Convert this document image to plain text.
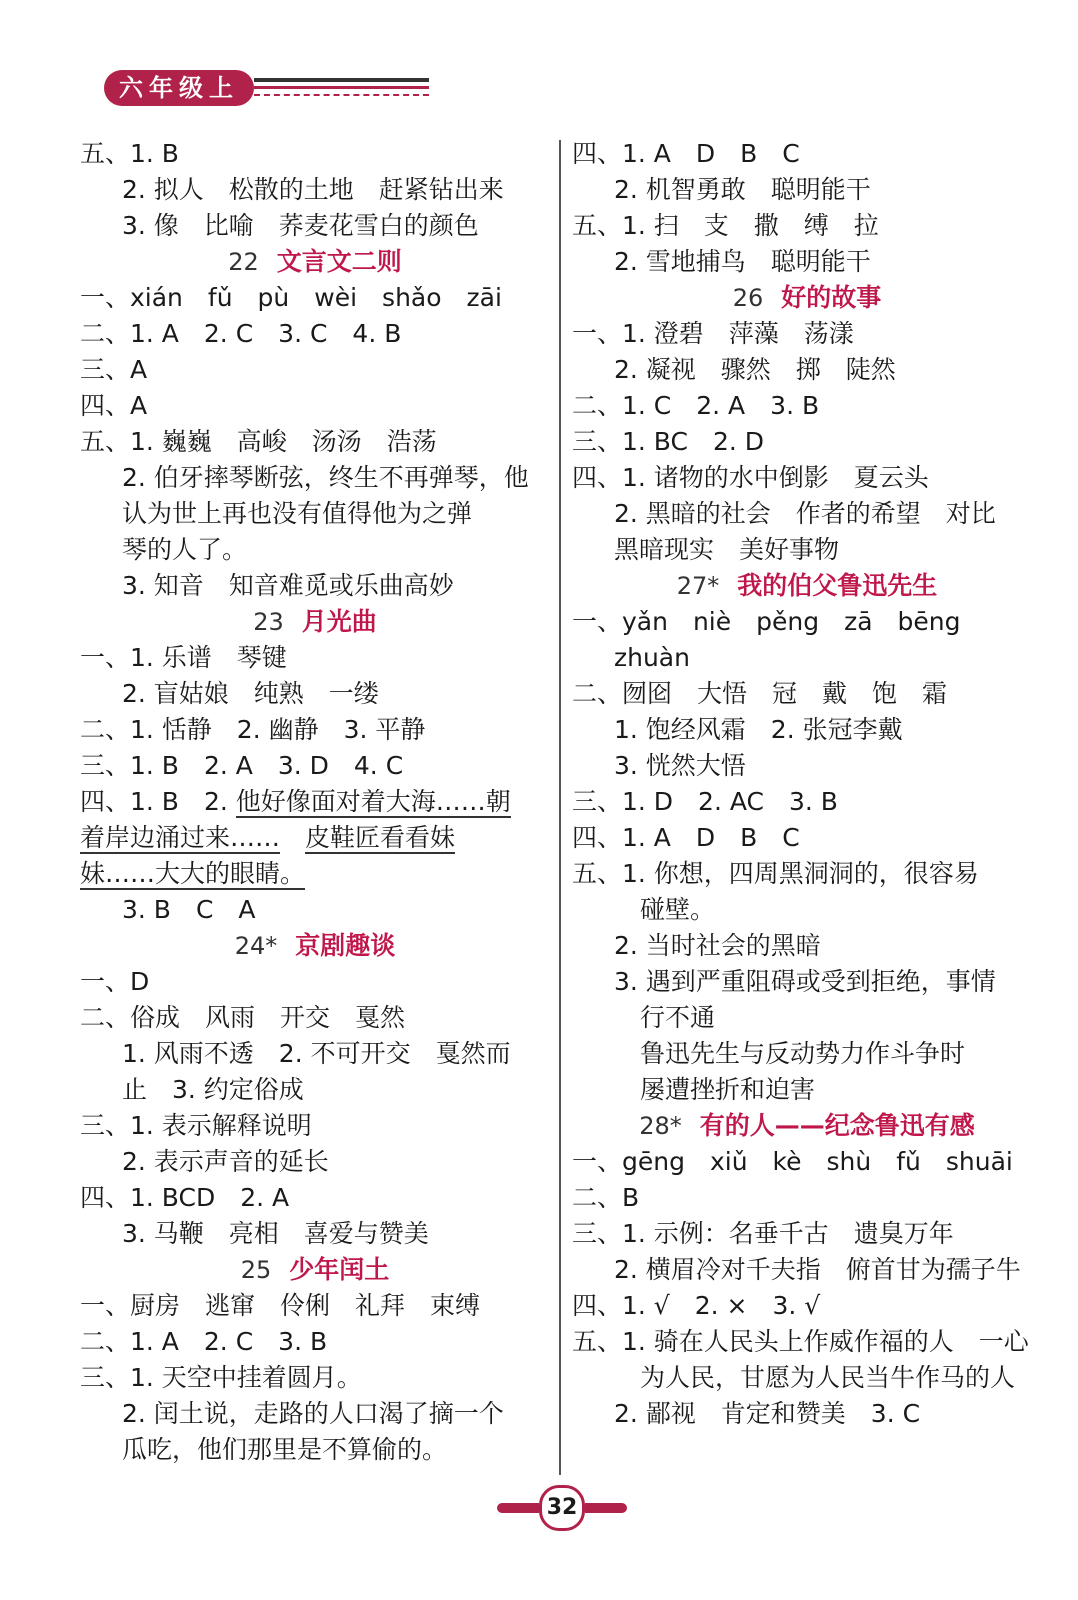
六年级上
五、1. B
2. 拟人　松散的土地　赶紧钻出来
3. 像　比喻　荞麦花雪白的颜色
22 文言文二则
一、xián　fǔ　pù　wèi　shǎo　zāi
二、1. A　2. C　3. C　4. B
三、A
四、A
五、1. 巍巍　高峻　汤汤　浩荡
2. 伯牙摔琴断弦，终生不再弹琴，他
认为世上再也没有值得他为之弹
琴的人了。
3. 知音　知音难觅或乐曲高妙
23 月光曲
一、1. 乐谱　琴键
2. 盲姑娘　纯熟　一缕
二、1. 恬静　2. 幽静　3. 平静
三、1. B　2. A　3. D　4. C
四、1. B　2. 他好像面对着大海……朝
着岸边涌过来……　 皮鞋匠看看妹
妹……大大的眼睛。
3. B　C　A
24* 京剧趣谈
一、D
二、俗成　风雨　开交　戛然
1. 风雨不透　2. 不可开交　戛然而
止　3. 约定俗成
三、1. 表示解释说明
2. 表示声音的延长
四、1. BCD　2. A
3. 马鞭　亮相　喜爱与赞美
25 少年闰土
一、厨房　逃窜　伶俐　礼拜　束缚
二、1. A　2. C　3. B
三、1. 天空中挂着圆月。
2. 闰土说，走路的人口渴了摘一个
瓜吃，他们那里是不算偷的。
四、1. A　D　B　C
2. 机智勇敢　聪明能干
五、1. 扫　支　撒　缚　拉
2. 雪地捕鸟　聪明能干
26 好的故事
一、1. 澄碧　萍藻　荡漾
2. 凝视　骤然　掷　陡然
二、1. C　2. A　3. B
三、1. BC　2. D
四、1. 诸物的水中倒影　夏云头
2. 黑暗的社会　作者的希望　对比
黑暗现实　美好事物
27* 我的伯父鲁迅先生
一、yǎn　niè　pěng　zā　bēng
zhuàn
二、囫囵　大悟　冠　戴　饱　霜
1. 饱经风霜　2. 张冠李戴
3. 恍然大悟
三、1. D　2. AC　3. B
四、1. A　D　B　C
五、1. 你想，四周黑洞洞的，很容易
碰壁。
2. 当时社会的黑暗
3. 遇到严重阻碍或受到拒绝，事情
行不通
鲁迅先生与反动势力作斗争时
屡遭挫折和迫害
28* 有的人——纪念鲁迅有感
一、gēng　xiǔ　kè　shù　fǔ　shuāi
二、B
三、1. 示例：名垂千古　遗臭万年
2. 横眉冷对千夫指　俯首甘为孺子牛
四、1. √　2. ×　3. √
五、1. 骑在人民头上作威作福的人　一心
为人民，甘愿为人民当牛作马的人
2. 鄙视　肯定和赞美　3. C
32
